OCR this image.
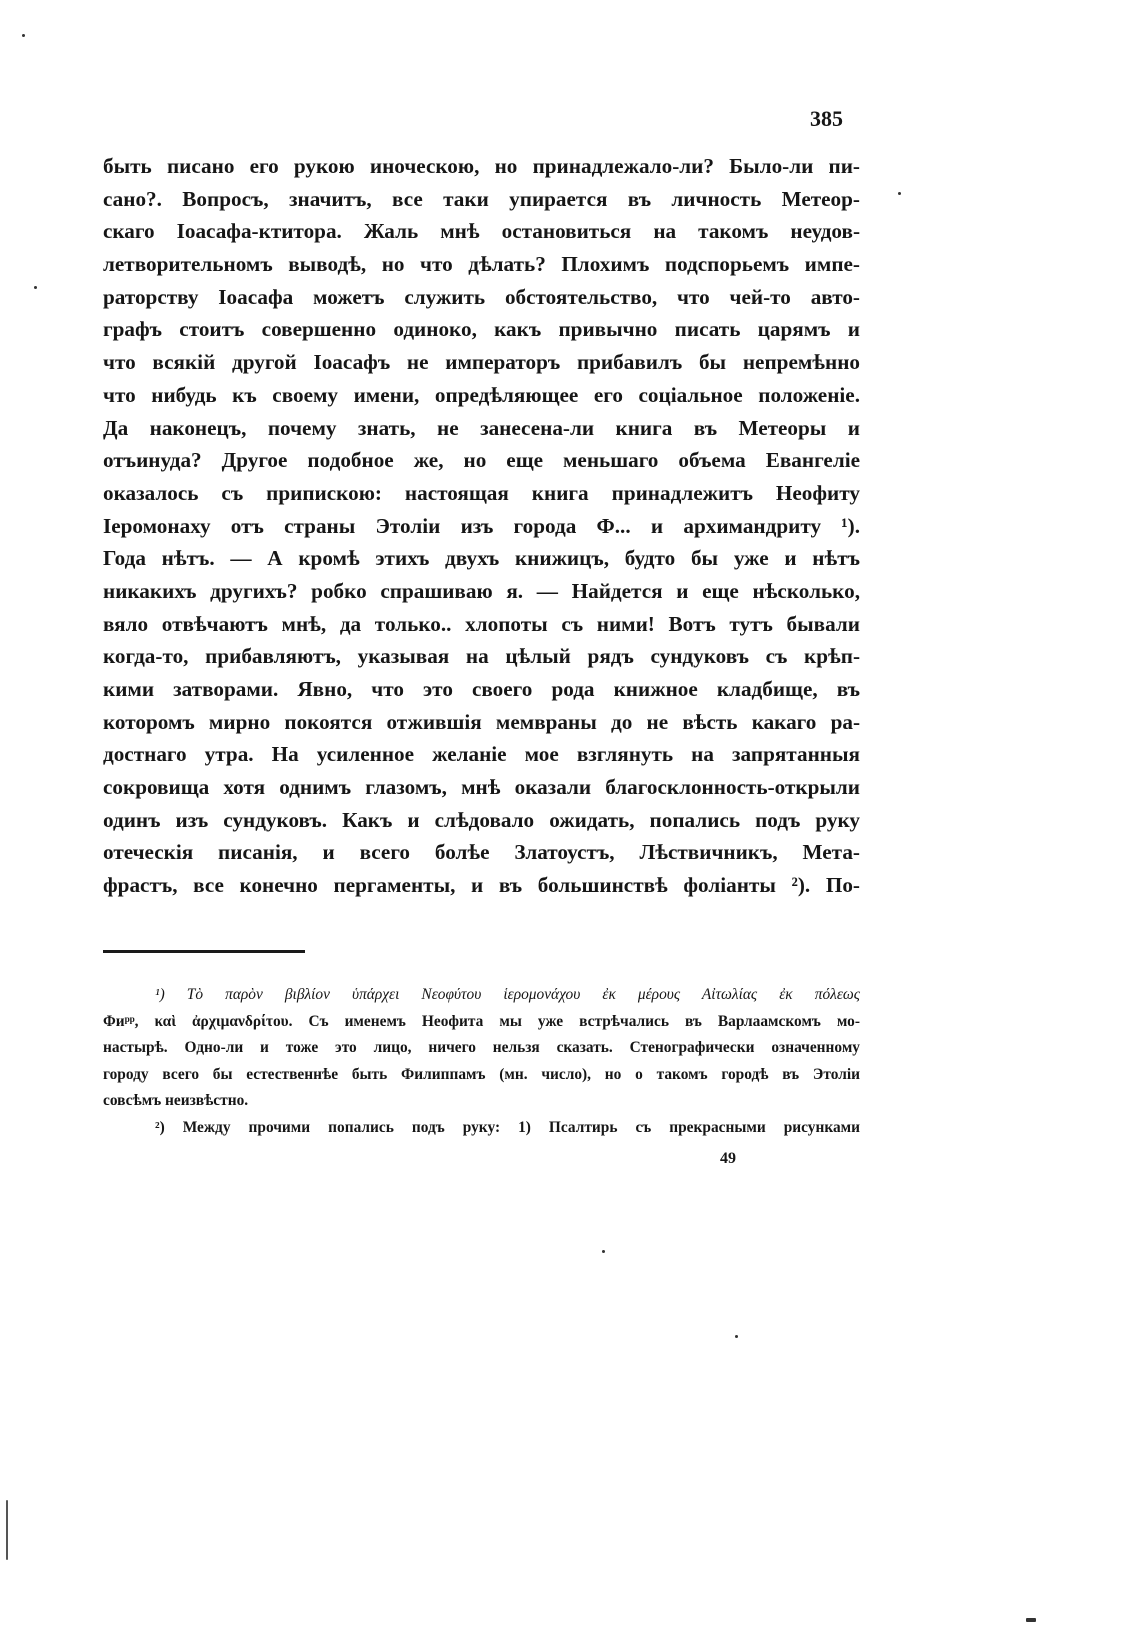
385
быть писано его рукою иноческою, но принадлежало-ли? Было-ли пи-
сано?. Вопросъ, значитъ, все таки упирается въ личность Метеор-
скаго Іоасафа-ктитора. Жаль мнѣ остановиться на такомъ неудов-
летворительномъ выводѣ, но что дѣлать? Плохимъ подспорьемъ импе-
раторству Іоасафа можетъ служить обстоятельство, что чей-то авто-
графъ стоитъ совершенно одиноко, какъ привычно писать царямъ и
что всякій другой Іоасафъ не императоръ прибавилъ бы непремѣнно
что нибудь къ своему имени, опредѣляющее его соціальное положеніе.
Да наконецъ, почему знать, не занесена-ли книга въ Метеоры и
отъинуда? Другое подобное же, но еще меньшаго объема Евангеліе
оказалось съ припискою: настоящая книга принадлежитъ Неофиту
Іеромонаху отъ страны Этоліи изъ города Ф... и архимандриту ¹).
Года нѣтъ. — А кромѣ этихъ двухъ книжицъ, будто бы уже и нѣтъ
никакихъ другихъ? робко спрашиваю я. — Найдется и еще нѣсколько,
вяло отвѣчаютъ мнѣ, да только.. хлопоты съ ними! Вотъ тутъ бывали
когда-то, прибавляютъ, указывая на цѣлый рядъ сундуковъ съ крѣп-
кими затворами. Явно, что это своего рода книжное кладбище, въ
которомъ мирно покоятся отжившія мемвраны до не вѣсть какаго ра-
достнаго утра. На усиленное желаніе мое взглянуть на запрятанныя
сокровища хотя однимъ глазомъ, мнѣ оказали благосклонность-открыли
одинъ изъ сундуковъ. Какъ и слѣдовало ожидать, попались подъ руку
отеческія писанія, и всего болѣе Златоустъ, Лѣствичникъ, Мета-
фрастъ, все конечно пергаменты, и въ большинствѣ фоліанты ²). По-
¹) Τὸ παρὸν βιβλίον ὑπάρχει Νεοφύτου ἱερομονάχου ἐκ μέρους Αἰτωλίας ἐκ πόλεως
Φиᵖᵖ, καὶ ἀρχιμανδρίτου. Съ именемъ Неофита мы уже встрѣчались въ Варлаамскомъ мо-
настырѣ. Одно-ли и тоже это лицо, ничего нельзя сказать. Стенографически означенному
городу всего бы естественнѣе быть Филиппамъ (мн. число), но о такомъ городѣ въ Этоліи
совсѣмъ неизвѣстно.
²) Между прочими попались подъ руку: 1) Псалтирь съ прекрасными рисунками
49
